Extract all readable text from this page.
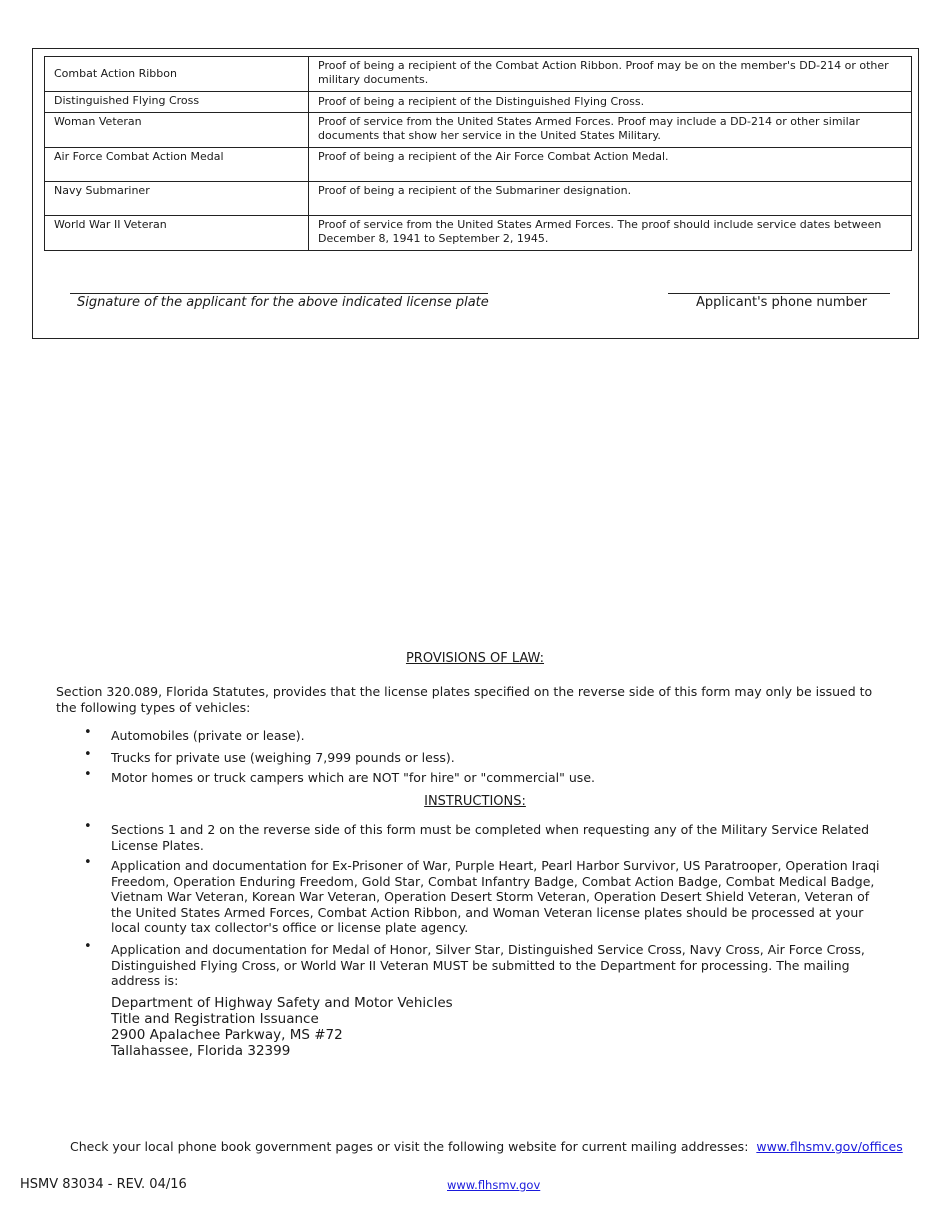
Combat Action Ribbon	Proof of being a recipient of the Combat Action Ribbon. Proof may be on the member's DD-214 or other military documents.
Distinguished Flying Cross	Proof of being a recipient of the Distinguished Flying Cross.
Woman Veteran	Proof of service from the United States Armed Forces. Proof may include a DD-214 or other similar documents that show her service in the United States Military.
Air Force Combat Action Medal	Proof of being a recipient of the Air Force Combat Action Medal.
Navy Submariner	Proof of being a recipient of the Submariner designation.
World War II Veteran	Proof of service from the United States Armed Forces. The proof should include service dates between December 8, 1941 to September 2, 1945.
Signature of the applicant for the above indicated license plate	Applicant's phone number
PROVISIONS OF LAW:

Section 320.089, Florida Statutes, provides that the license plates specified on the reverse side of this form may only be issued to the following types of vehicles:

• Automobiles (private or lease).
• Trucks for private use (weighing 7,999 pounds or less).
• Motor homes or truck campers which are NOT "for hire" or "commercial" use.
INSTRUCTIONS:
• Sections 1 and 2 on the reverse side of this form must be completed when requesting any of the Military Service Related License Plates.
• Application and documentation for Ex-Prisoner of War, Purple Heart, Pearl Harbor Survivor, US Paratrooper, Operation Iraqi Freedom, Operation Enduring Freedom, Gold Star, Combat Infantry Badge, Combat Action Badge, Combat Medical Badge, Vietnam War Veteran, Korean War Veteran, Operation Desert Storm Veteran, Operation Desert Shield Veteran, Veteran of the United States Armed Forces, Combat Action Ribbon, and Woman Veteran license plates should be processed at your local county tax collector's office or license plate agency.
• Application and documentation for Medal of Honor, Silver Star, Distinguished Service Cross, Navy Cross, Air Force Cross, Distinguished Flying Cross, or World War II Veteran MUST be submitted to the Department for processing. The mailing address is:
Department of Highway Safety and Motor Vehicles
Title and Registration Issuance
2900 Apalachee Parkway, MS #72
Tallahassee, Florida 32399
Check your local phone book government pages or visit the following website for current mailing addresses: www.flhsmv.gov/offices
HSMV 83034 - REV. 04/16	www.flhsmv.gov
